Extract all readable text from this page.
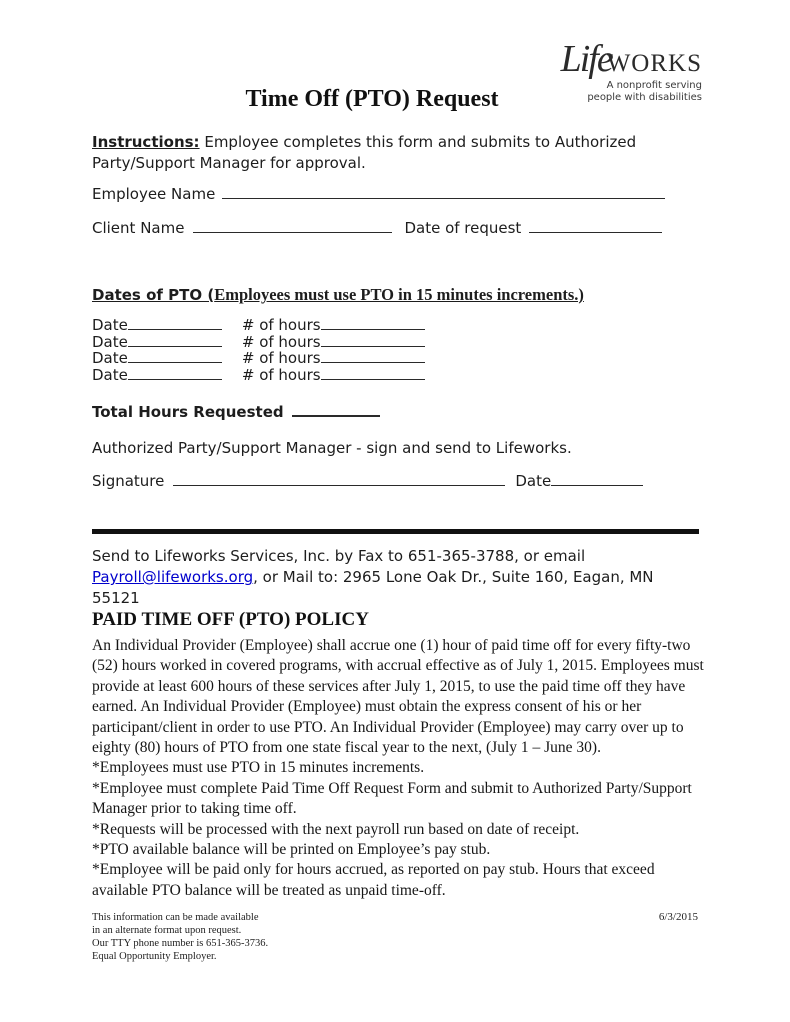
LifeWORKS
A nonprofit serving
people with disabilities
Time Off (PTO) Request
Instructions: Employee completes this form and submits to Authorized Party/Support Manager for approval.
Employee Name
Client Name	Date of request
Dates of PTO (Employees must use PTO in 15 minutes increments.)
Date	# of hours
Date	# of hours
Date	# of hours
Date	# of hours
Total Hours Requested
Authorized Party/Support Manager - sign and send to Lifeworks.
Signature	Date
Send to Lifeworks Services, Inc. by Fax to 651-365-3788, or email Payroll@lifeworks.org, or Mail to: 2965 Lone Oak Dr., Suite 160, Eagan, MN 55121
PAID TIME OFF (PTO) POLICY

An Individual Provider (Employee) shall accrue one (1) hour of paid time off for every fifty-two (52) hours worked in covered programs, with accrual effective as of July 1, 2015. Employees must provide at least 600 hours of these services after July 1, 2015, to use the paid time off they have earned. An Individual Provider (Employee) must obtain the express consent of his or her participant/client in order to use PTO. An Individual Provider (Employee) may carry over up to eighty (80) hours of PTO from one state fiscal year to the next, (July 1 – June 30).

*Employees must use PTO in 15 minutes increments.

*Employee must complete Paid Time Off Request Form and submit to Authorized Party/Support Manager prior to taking time off.

*Requests will be processed with the next payroll run based on date of receipt.

*PTO available balance will be printed on Employee’s pay stub.

*Employee will be paid only for hours accrued, as reported on pay stub. Hours that exceed available PTO balance will be treated as unpaid time-off.

This information can be made available
in an alternate format upon request.
Our TTY phone number is 651-365-3736.
Equal Opportunity Employer.
6/3/2015
